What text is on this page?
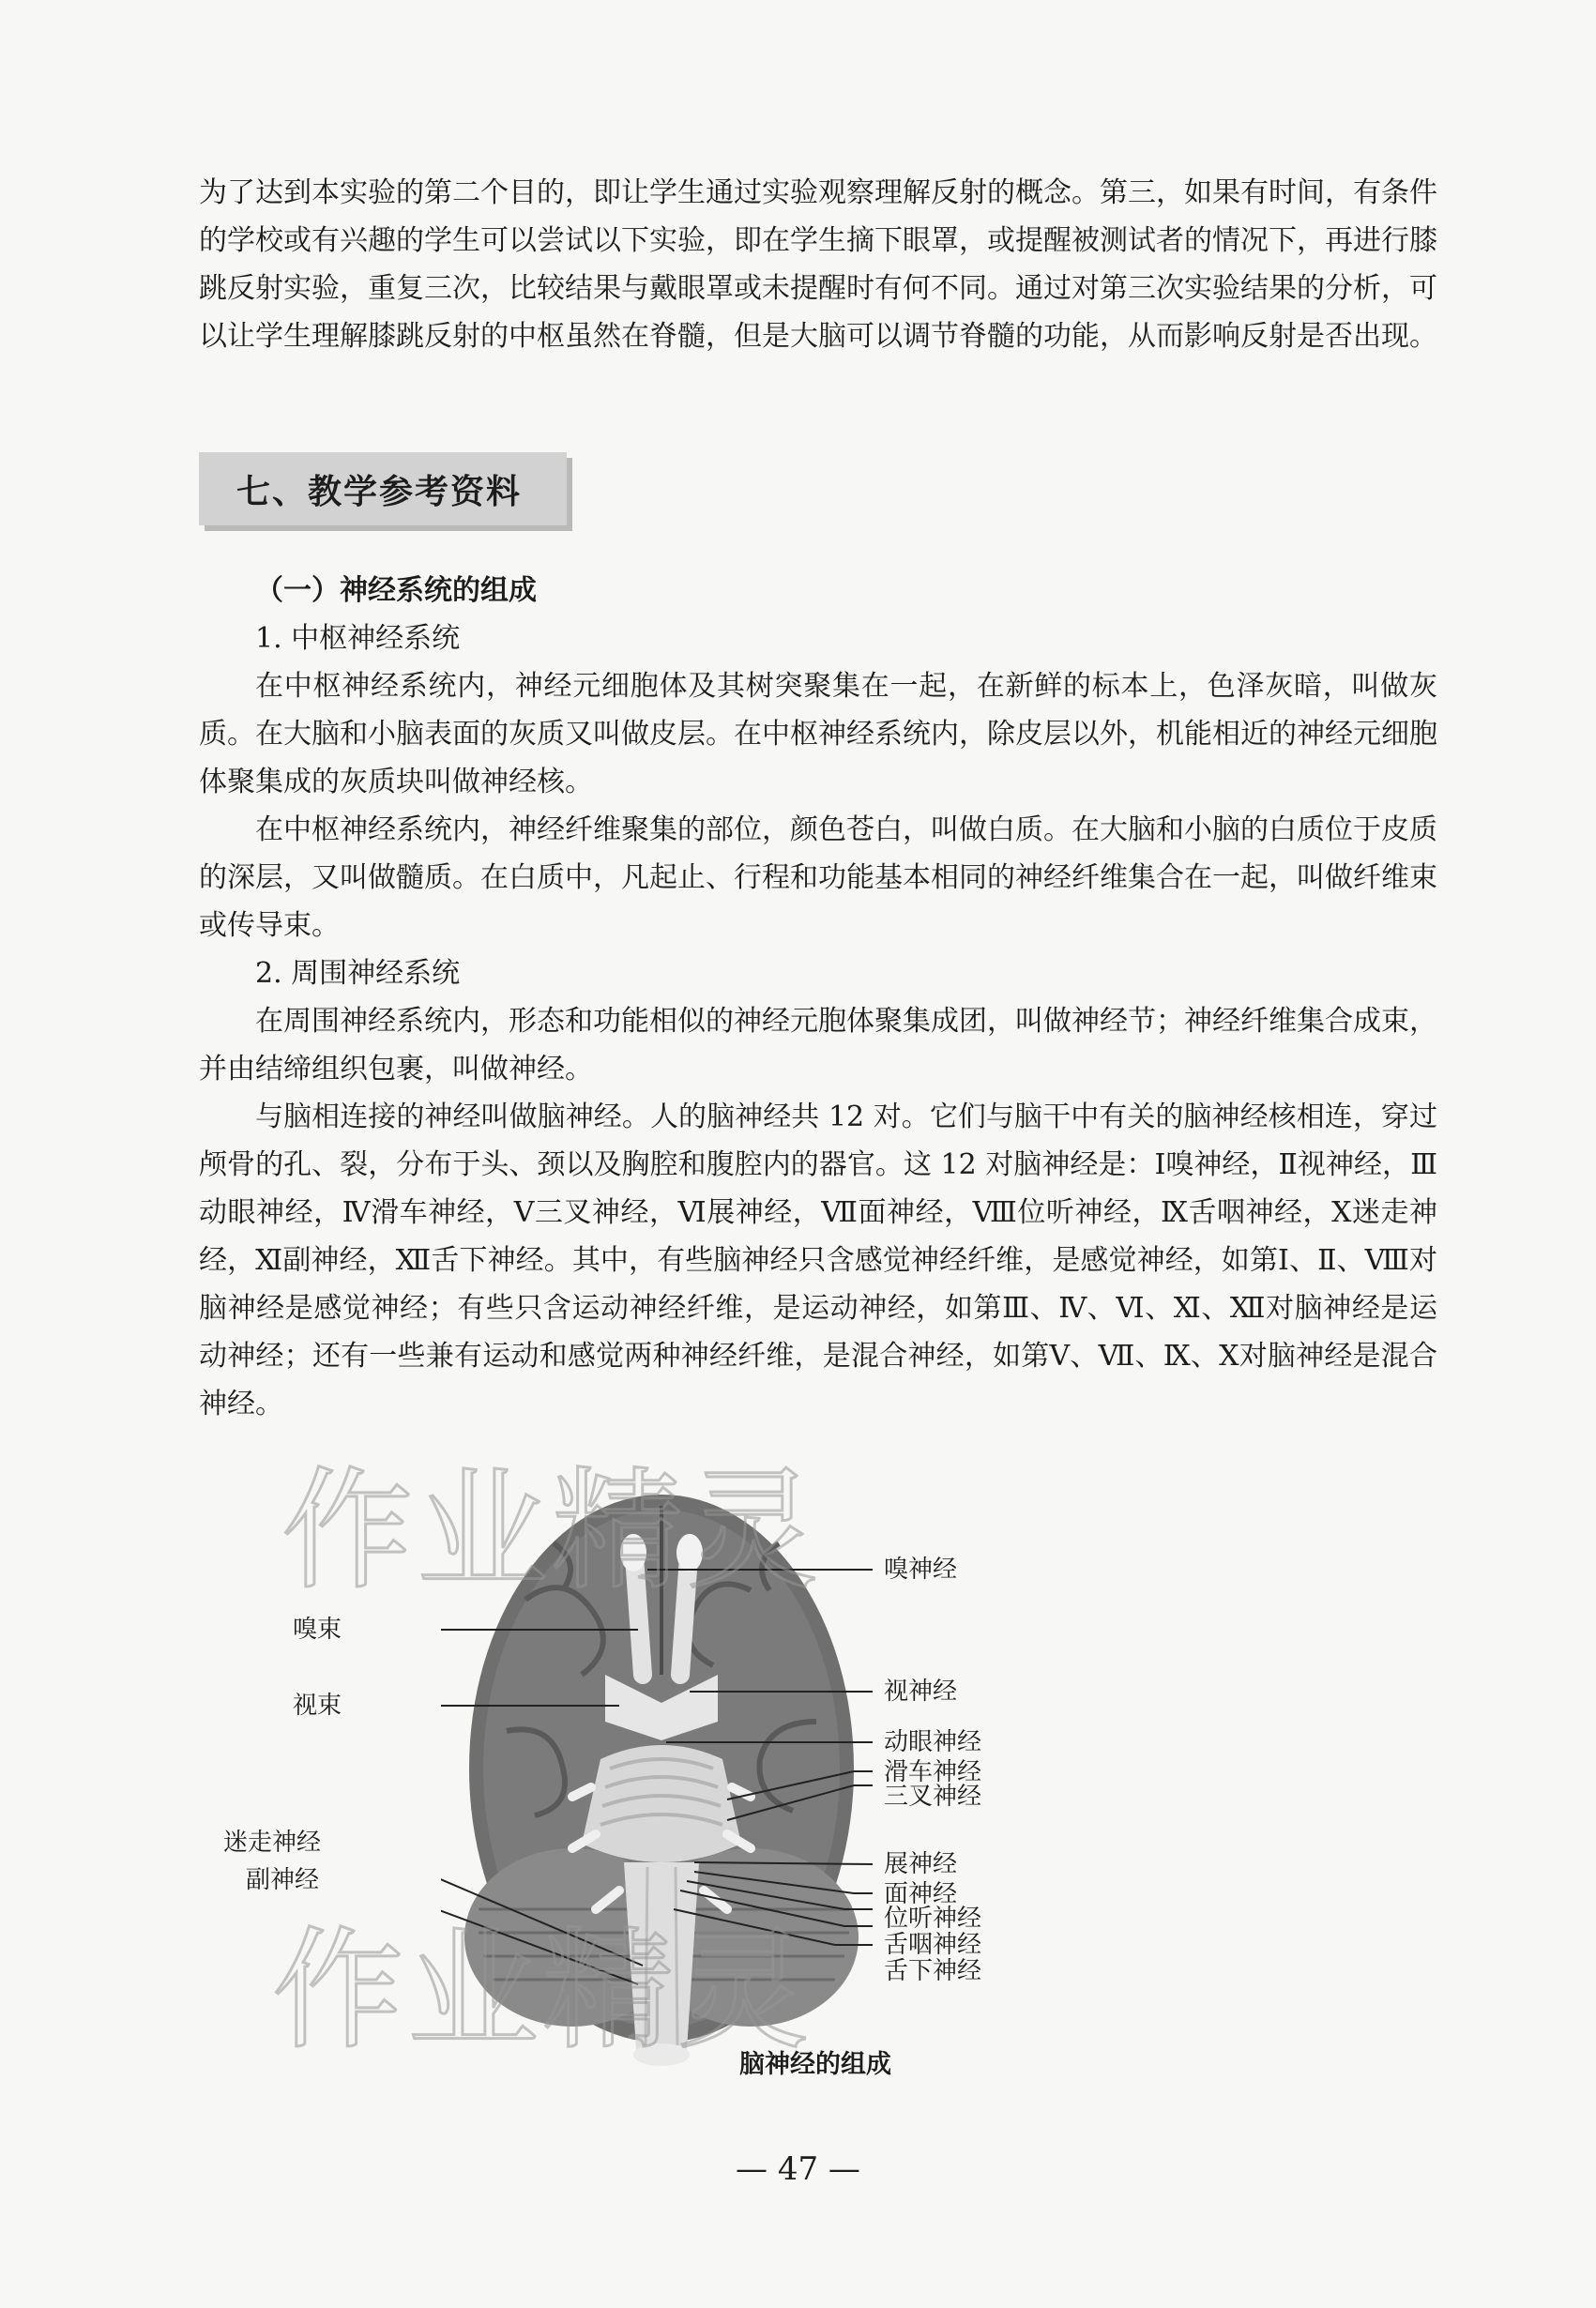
为了达到本实验的第二个目的，即让学生通过实验观察理解反射的概念。第三，如果有时间，有条件的学校或有兴趣的学生可以尝试以下实验，即在学生摘下眼罩，或提醒被测试者的情况下，再进行膝跳反射实验，重复三次，比较结果与戴眼罩或未提醒时有何不同。通过对第三次实验结果的分析，可以让学生理解膝跳反射的中枢虽然在脊髓，但是大脑可以调节脊髓的功能，从而影响反射是否出现。

七、教学参考资料

（一）神经系统的组成

1. 中枢神经系统

在中枢神经系统内，神经元细胞体及其树突聚集在一起，在新鲜的标本上，色泽灰暗，叫做灰质。在大脑和小脑表面的灰质又叫做皮层。在中枢神经系统内，除皮层以外，机能相近的神经元细胞体聚集成的灰质块叫做神经核。

在中枢神经系统内，神经纤维聚集的部位，颜色苍白，叫做白质。在大脑和小脑的白质位于皮质的深层，又叫做髓质。在白质中，凡起止、行程和功能基本相同的神经纤维集合在一起，叫做纤维束或传导束。

2. 周围神经系统

在周围神经系统内，形态和功能相似的神经元胞体聚集成团，叫做神经节；神经纤维集合成束，并由结缔组织包裹，叫做神经。

与脑相连接的神经叫做脑神经。人的脑神经共 12 对。它们与脑干中有关的脑神经核相连，穿过颅骨的孔、裂，分布于头、颈以及胸腔和腹腔内的器官。这 12 对脑神经是：Ⅰ嗅神经，Ⅱ视神经，Ⅲ动眼神经，Ⅳ滑车神经，Ⅴ三叉神经，Ⅵ展神经，Ⅶ面神经，Ⅷ位听神经，Ⅸ舌咽神经，Ⅹ迷走神经，Ⅺ副神经，Ⅻ舌下神经。其中，有些脑神经只含感觉神经纤维，是感觉神经，如第Ⅰ、Ⅱ、Ⅷ对脑神经是感觉神经；有些只含运动神经纤维，是运动神经，如第Ⅲ、Ⅳ、Ⅵ、Ⅺ、Ⅻ对脑神经是运动神经；还有一些兼有运动和感觉两种神经纤维，是混合神经，如第Ⅴ、Ⅶ、Ⅸ、Ⅹ对脑神经是混合神经。

嗅神经
视神经
动眼神经
滑车神经
三叉神经
展神经
面神经
位听神经
舌咽神经
舌下神经
嗅束
视束
迷走神经
副神经
脑神经的组成
作业精灵
作业精灵
— 47 —
